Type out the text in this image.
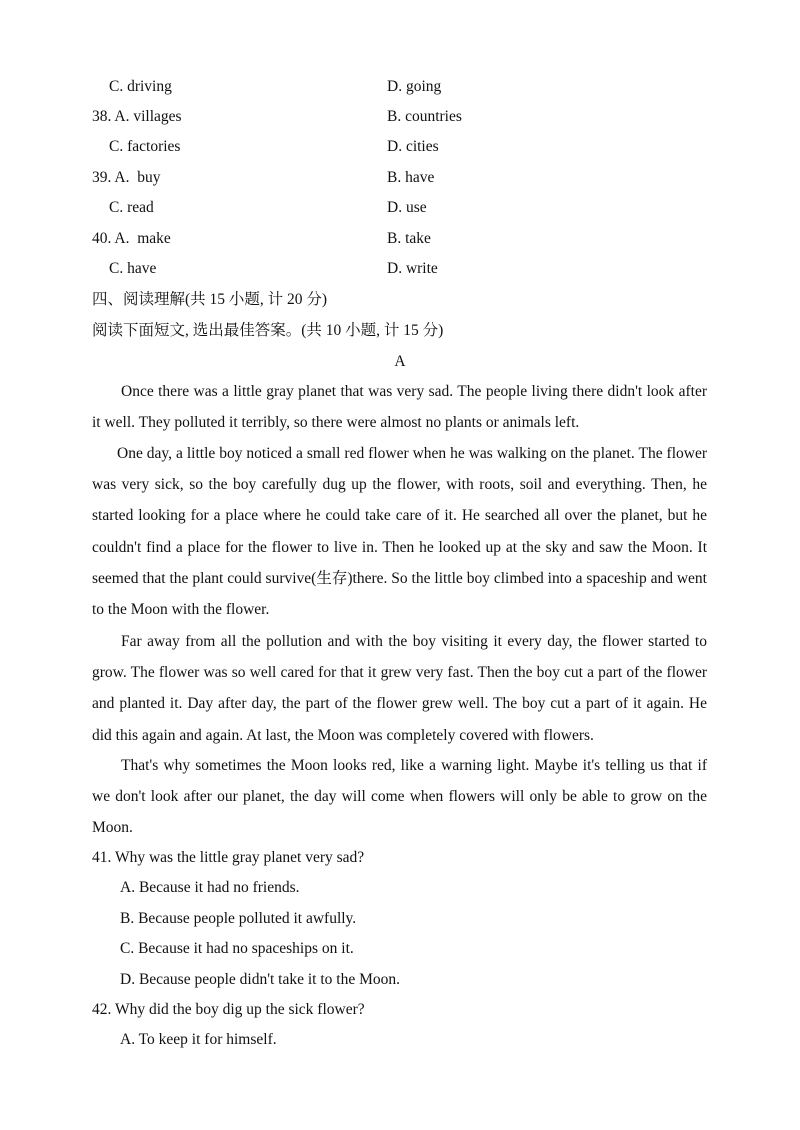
C. driving	D. going
38. A. villages	B. countries
C. factories	D. cities
39. A.  buy	B. have
C. read	D. use
40. A.  make	B. take
C. have	D. write
四、阅读理解(共 15 小题, 计 20 分)
阅读下面短文, 选出最佳答案。(共 10 小题, 计 15 分)
A
Once there was a little gray planet that was very sad. The people living there didn't look after it well. They polluted it terribly, so there were almost no plants or animals left.
One day, a little boy noticed a small red flower when he was walking on the planet. The flower was very sick, so the boy carefully dug up the flower, with roots, soil and everything. Then, he started looking for a place where he could take care of it. He searched all over the planet, but he couldn't find a place for the flower to live in. Then he looked up at the sky and saw the Moon. It seemed that the plant could survive(生存)there. So the little boy climbed into a spaceship and went to the Moon with the flower.
Far away from all the pollution and with the boy visiting it every day, the flower started to grow. The flower was so well cared for that it grew very fast. Then the boy cut a part of the flower and planted it. Day after day, the part of the flower grew well. The boy cut a part of it again. He did this again and again. At last, the Moon was completely covered with flowers.
That's why sometimes the Moon looks red, like a warning light. Maybe it's telling us that if we don't look after our planet, the day will come when flowers will only be able to grow on the Moon.
41. Why was the little gray planet very sad?
A. Because it had no friends.
B. Because people polluted it awfully.
C. Because it had no spaceships on it.
D. Because people didn't take it to the Moon.
42. Why did the boy dig up the sick flower?
A. To keep it for himself.
